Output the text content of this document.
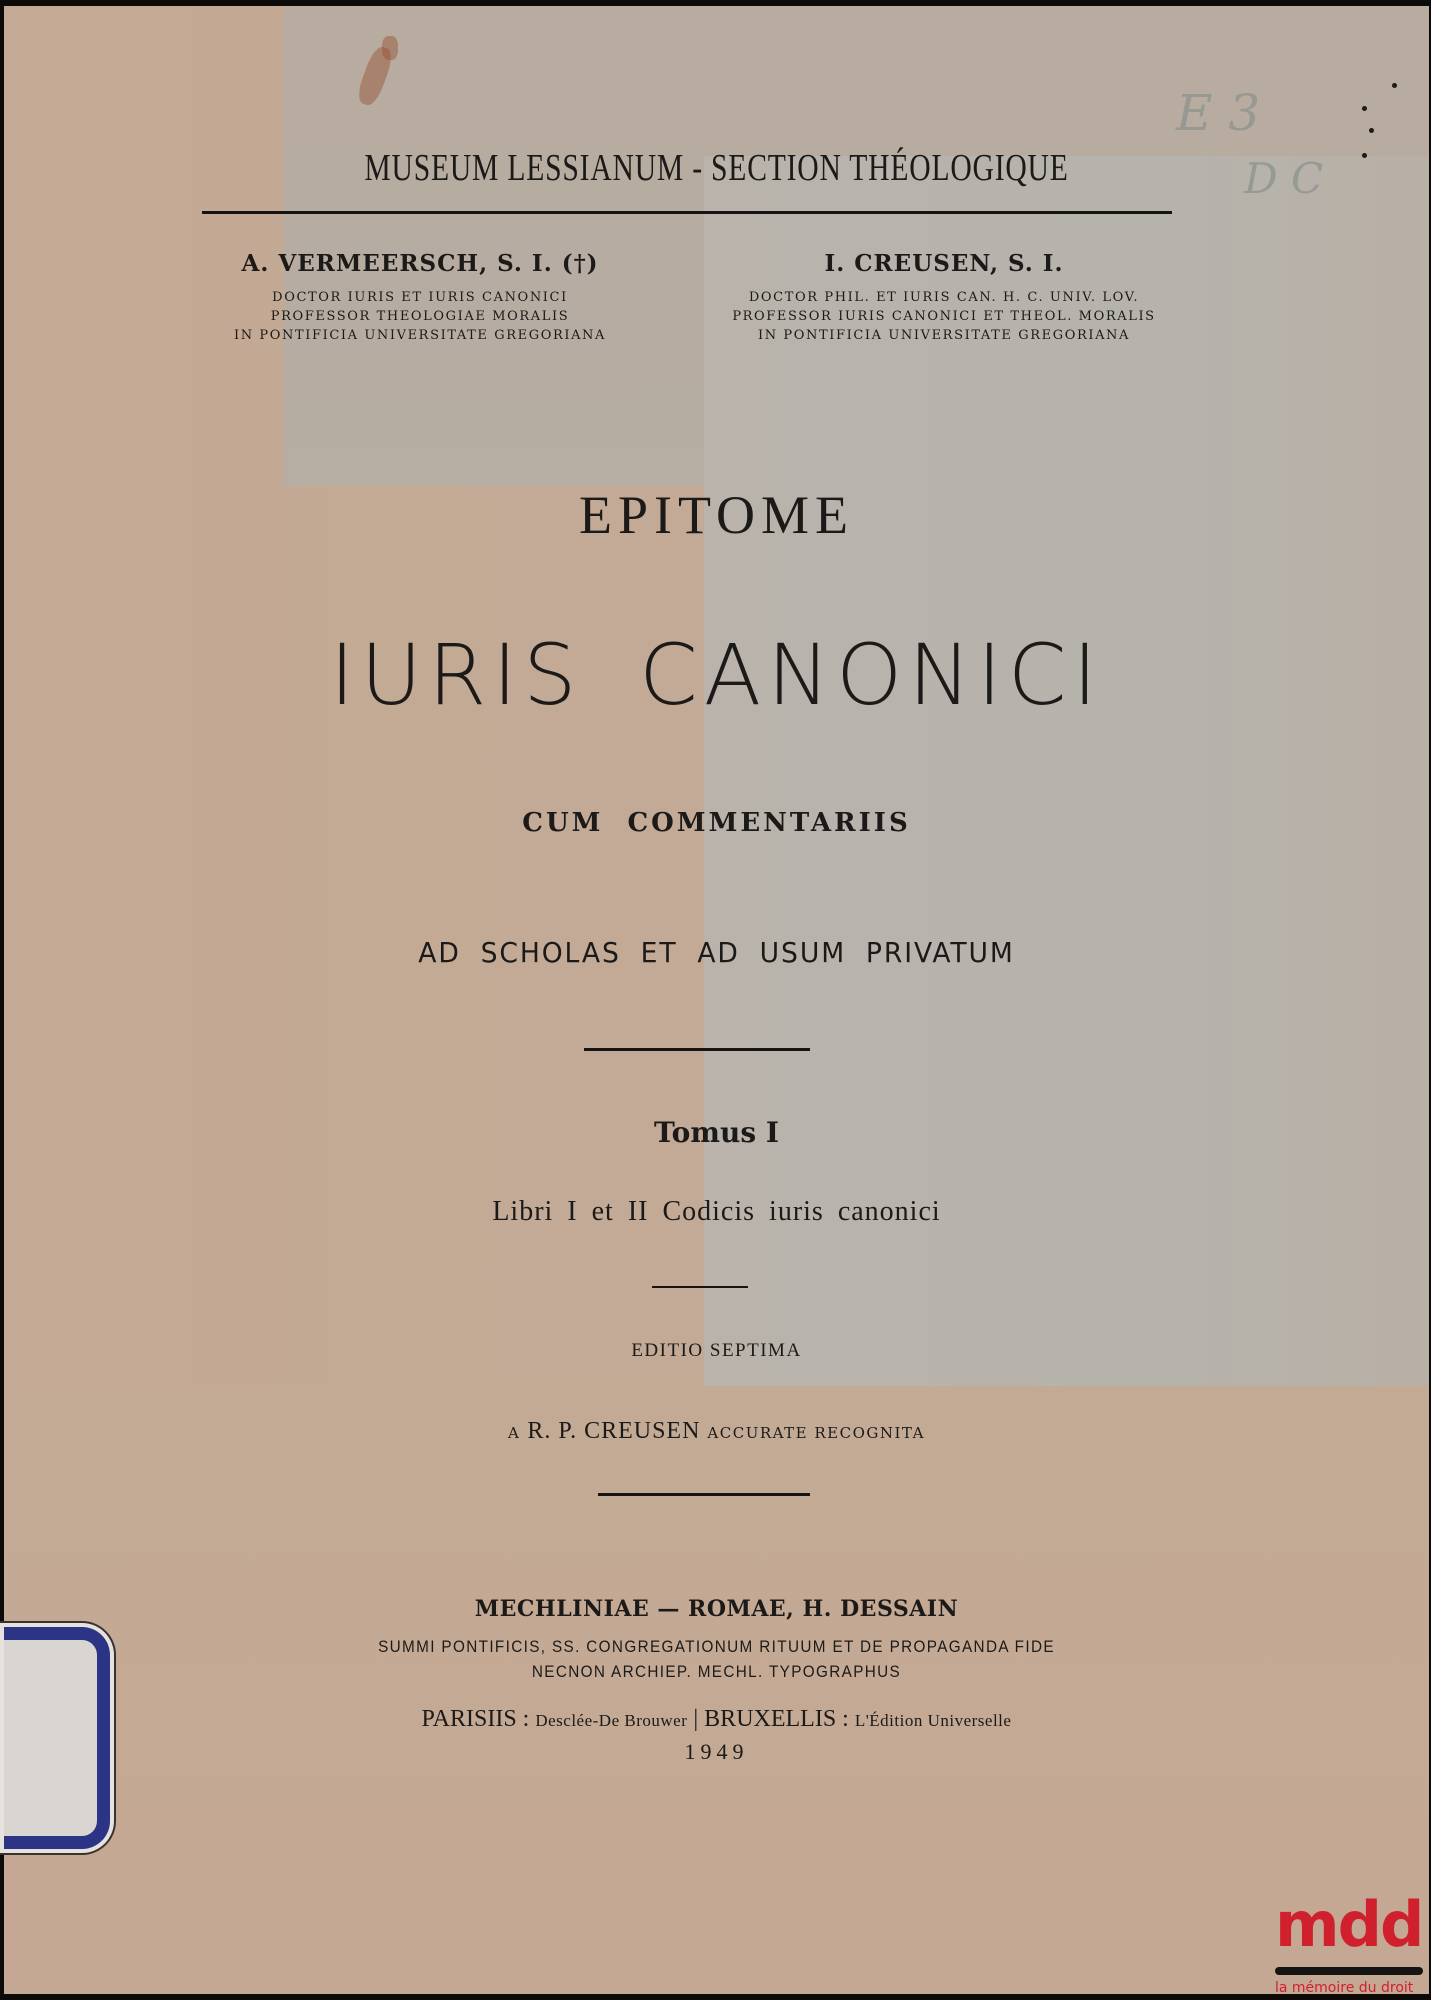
E 3
D C
MUSEUM LESSIANUM - SECTION THÉOLOGIQUE
A. VERMEERSCH, S. I. (†)
DOCTOR IURIS ET IURIS CANONICI
PROFESSOR THEOLOGIAE MORALIS
IN PONTIFICIA UNIVERSITATE GREGORIANA
I. CREUSEN, S. I.
DOCTOR PHIL. ET IURIS CAN. H. C. UNIV. LOV.
PROFESSOR IURIS CANONICI ET THEOL. MORALIS
IN PONTIFICIA UNIVERSITATE GREGORIANA
EPITOME
IURIS CANONICI
CUM COMMENTARIIS
AD SCHOLAS ET AD USUM PRIVATUM
Tomus I
Libri I et II Codicis iuris canonici
EDITIO SEPTIMA
A R. P. CREUSEN ACCURATE RECOGNITA
MECHLINIAE — ROMAE, H. DESSAIN
SUMMI PONTIFICIS, SS. CONGREGATIONUM RITUUM ET DE PROPAGANDA FIDE
NECNON ARCHIEP. MECHL. TYPOGRAPHUS
PARISIIS : Desclée-De Brouwer | BRUXELLIS : L'Édition Universelle
1949
mdd
la mémoire du droit
